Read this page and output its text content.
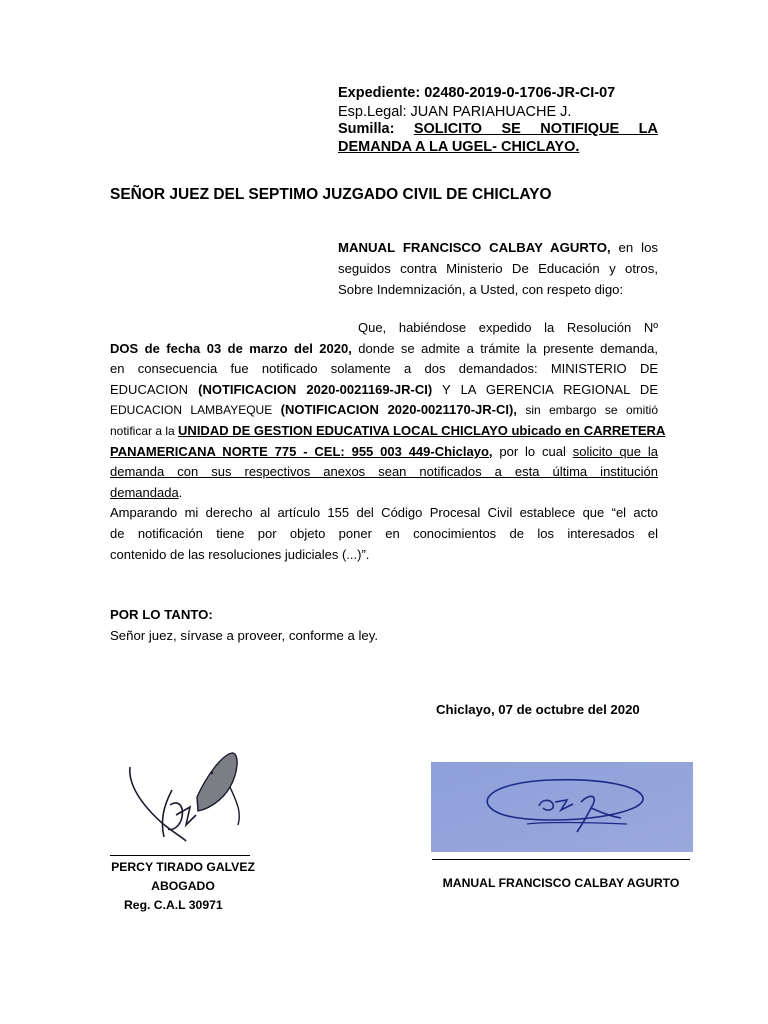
Expediente: 02480-2019-0-1706-JR-CI-07
Esp.Legal: JUAN PARIAHUACHE J.
Sumilla: SOLICITO SE NOTIFIQUE LA
DEMANDA A LA UGEL- CHICLAYO.
SEÑOR JUEZ DEL SEPTIMO JUZGADO CIVIL DE CHICLAYO
MANUAL FRANCISCO CALBAY AGURTO, en los
seguidos contra Ministerio De Educación y otros,
Sobre Indemnización, a Usted, con respeto digo:
Que, habiéndose expedido la Resolución Nº
DOS de fecha 03 de marzo del 2020, donde se admite a trámite la presente demanda,
en consecuencia fue notificado solamente a dos demandados: MINISTERIO DE
EDUCACION (NOTIFICACION 2020-0021169-JR-CI) Y LA GERENCIA REGIONAL DE
EDUCACION LAMBAYEQUE (NOTIFICACION 2020-0021170-JR-CI), sin embargo se omitió
notificar a la UNIDAD DE GESTION EDUCATIVA LOCAL CHICLAYO ubicado en CARRETERA
PANAMERICANA NORTE 775 - CEL: 955 003 449-Chiclayo, por lo cual solicito que la
demanda con sus respectivos anexos sean notificados a esta última institución
demandada.
Amparando mi derecho al artículo 155 del Código Procesal Civil establece que “el acto
de notificación tiene por objeto poner en conocimientos de los interesados el
contenido de las resoluciones judiciales (...)”.
POR LO TANTO:
Señor juez, sírvase a proveer, conforme a ley.
Chiclayo, 07 de octubre del 2020
PERCY TIRADO GALVEZ
ABOGADO
Reg. C.A.L 30971
MANUAL FRANCISCO CALBAY AGURTO
